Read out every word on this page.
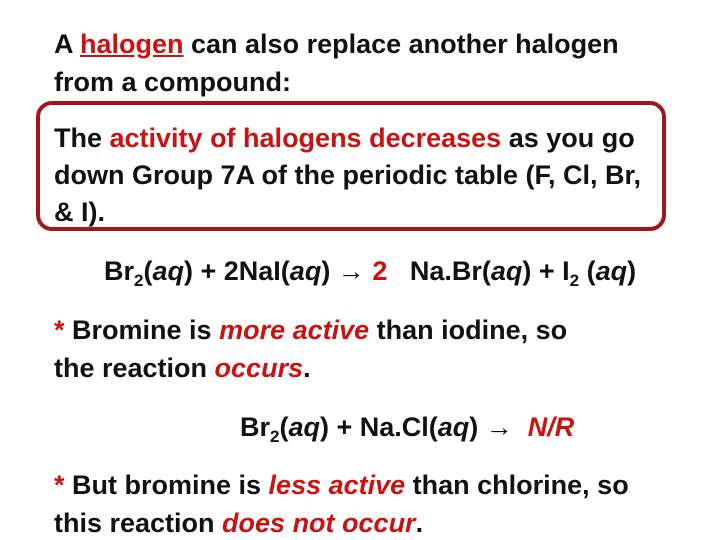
A halogen can also replace another halogen
from a compound:
The activity of halogens decreases as you go
down Group 7A of the periodic table (F, Cl, Br,
& I).
$Br_2(aq) + 2NaI(aq) \to 2$   $Na.Br(aq) + I_2$ (aq)
* Bromine is more active than iodine, so
the reaction occurs.
$Br_2(aq) + Na.Cl(aq) \to N/R$
* But bromine is less active than chlorine, so
this reaction does not occur.
